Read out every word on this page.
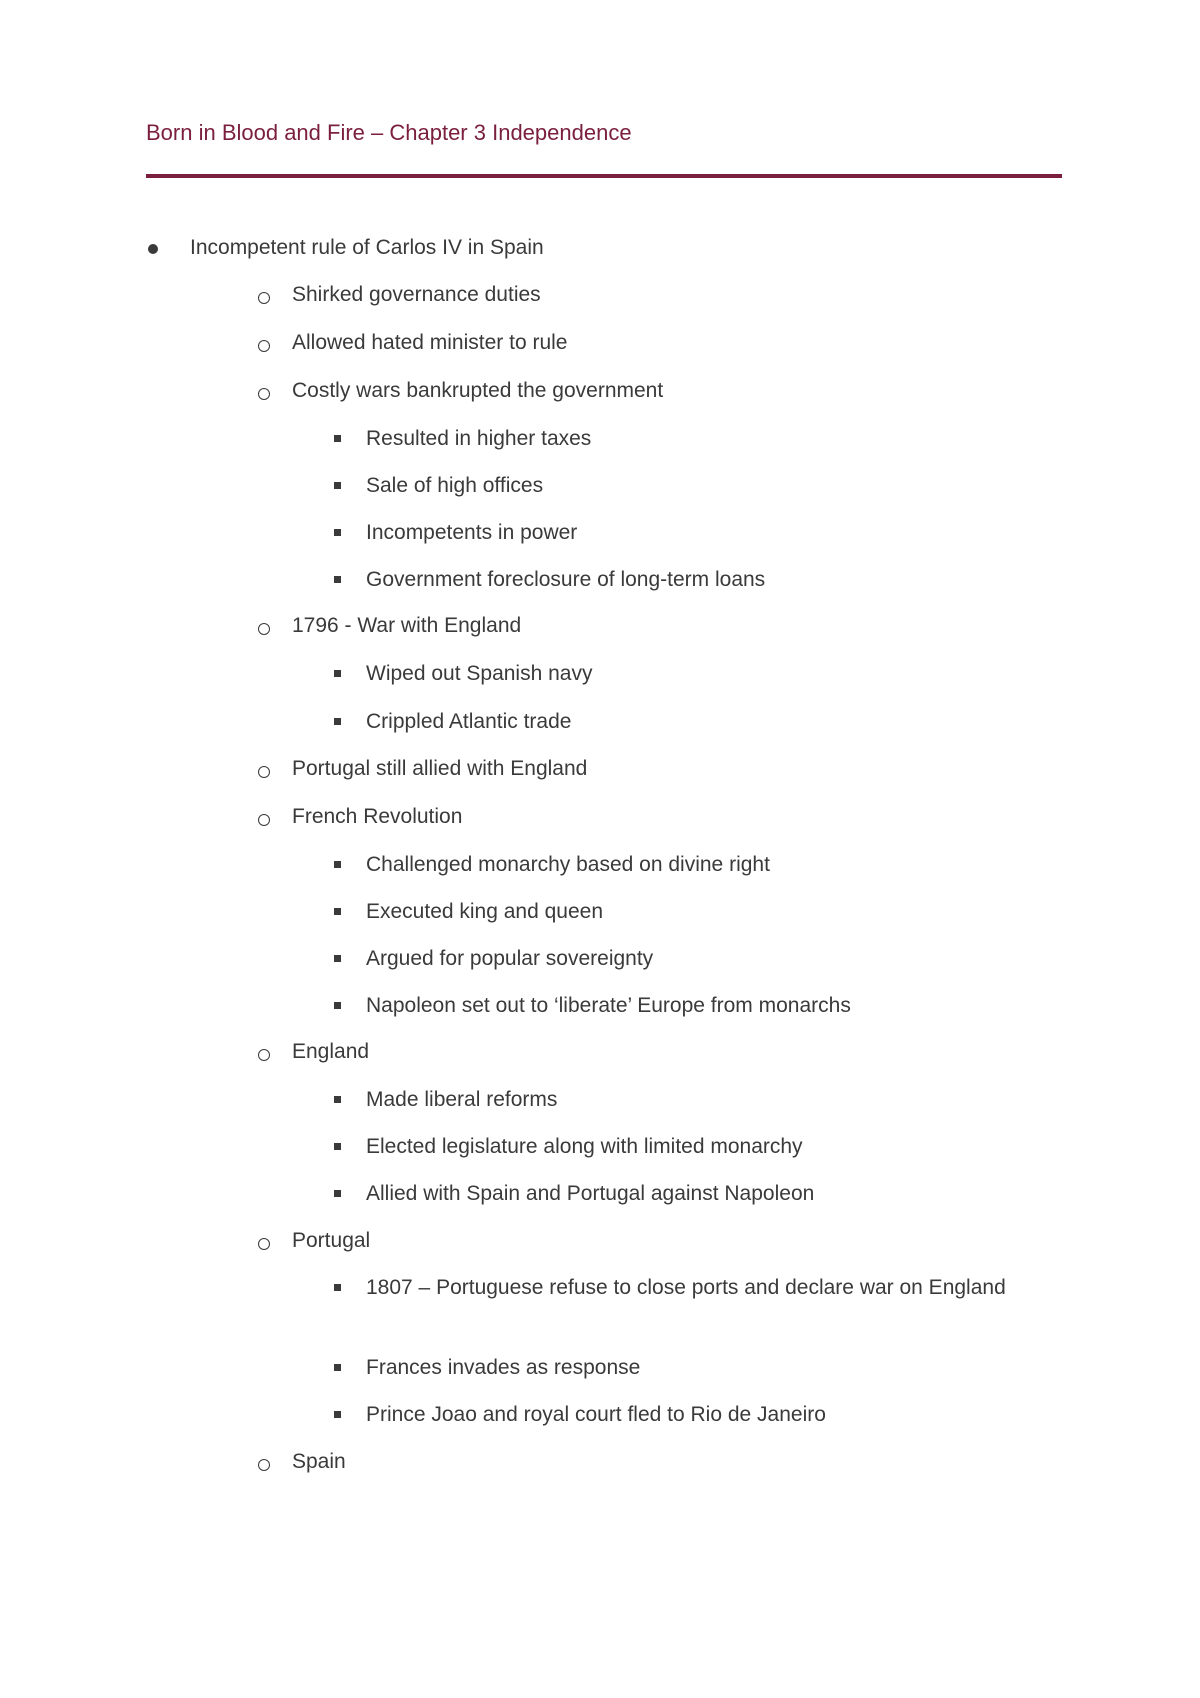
Born in Blood and Fire – Chapter 3 Independence
Incompetent rule of Carlos IV in Spain
Shirked governance duties
Allowed hated minister to rule
Costly wars bankrupted the government
Resulted in higher taxes
Sale of high offices
Incompetents in power
Government foreclosure of long-term loans
1796 - War with England
Wiped out Spanish navy
Crippled Atlantic trade
Portugal still allied with England
French Revolution
Challenged monarchy based on divine right
Executed king and queen
Argued for popular sovereignty
Napoleon set out to ‘liberate’ Europe from monarchs
England
Made liberal reforms
Elected legislature along with limited monarchy
Allied with Spain and Portugal against Napoleon
Portugal
1807 – Portuguese refuse to close ports and declare war on England
Frances invades as response
Prince Joao and royal court fled to Rio de Janeiro
Spain
